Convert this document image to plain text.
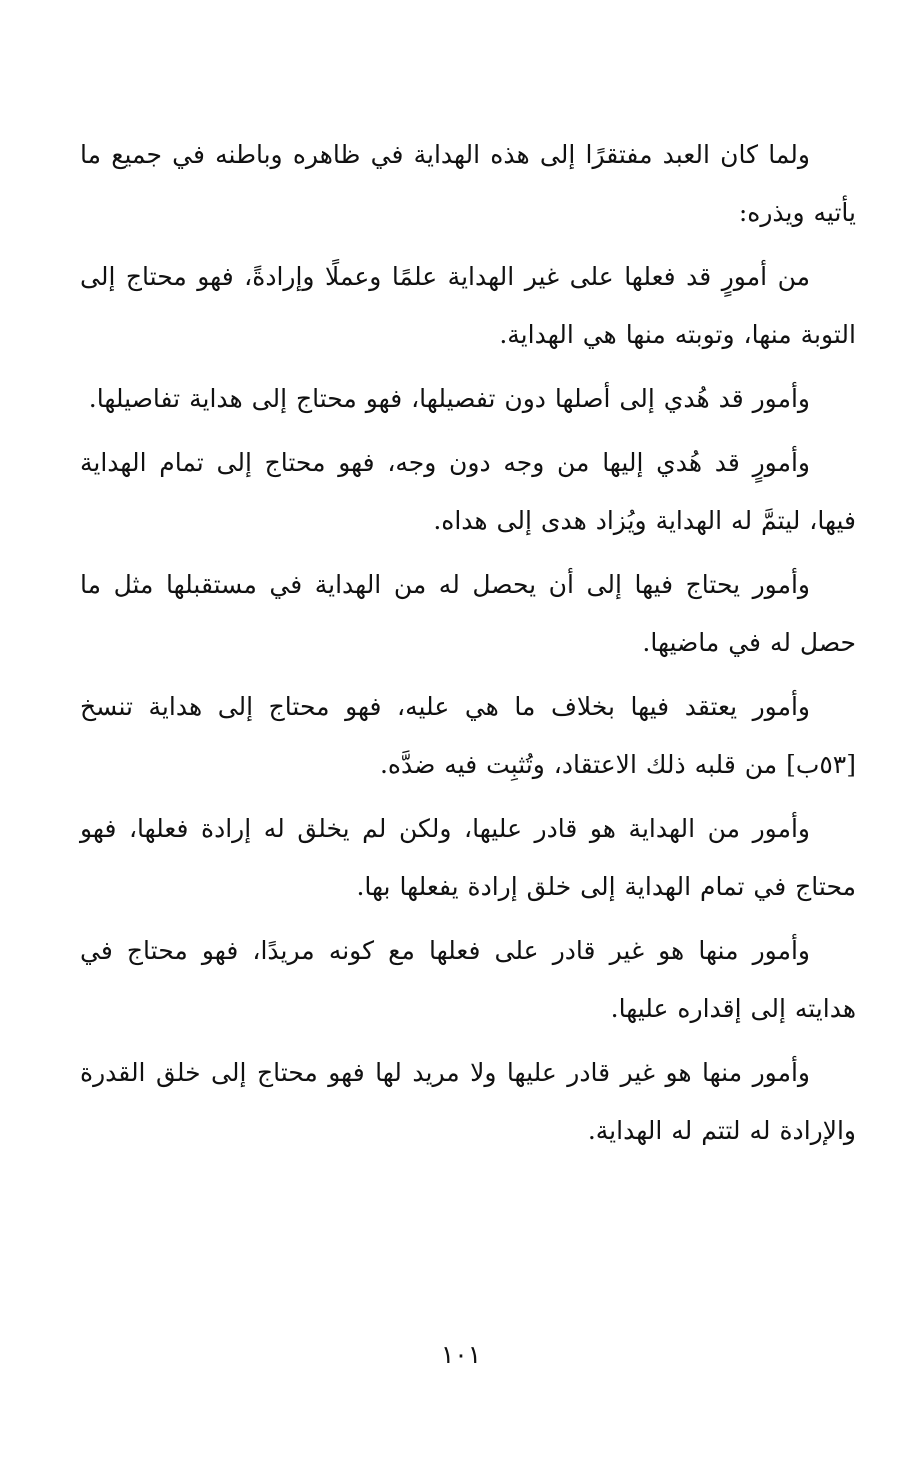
ولما كان العبد مفتقرًا إلى هذه الهداية في ظاهره وباطنه في جميع ما يأتيه ويذره:

من أمورٍ قد فعلها على غير الهداية علمًا وعملًا وإرادةً، فهو محتاج إلى التوبة منها، وتوبته منها هي الهداية.

وأمور قد هُدي إلى أصلها دون تفصيلها، فهو محتاج إلى هداية تفاصيلها.

وأمورٍ قد هُدي إليها من وجه دون وجه، فهو محتاج إلى تمام الهداية فيها، ليتمَّ له الهداية ويُزاد هدى إلى هداه.

وأمور يحتاج فيها إلى أن يحصل له من الهداية في مستقبلها مثل ما حصل له في ماضيها.

وأمور يعتقد فيها بخلاف ما هي عليه، فهو محتاج إلى هداية تنسخ [٥٣ب] من قلبه ذلك الاعتقاد، وتُثبِت فيه ضدَّه.

وأمور من الهداية هو قادر عليها، ولكن لم يخلق له إرادة فعلها، فهو محتاج في تمام الهداية إلى خلق إرادة يفعلها بها.

وأمور منها هو غير قادر على فعلها مع كونه مريدًا، فهو محتاج في هدايته إلى إقداره عليها.

وأمور منها هو غير قادر عليها ولا مريد لها فهو محتاج إلى خلق القدرة والإرادة له لتتم له الهداية.

١٠١
